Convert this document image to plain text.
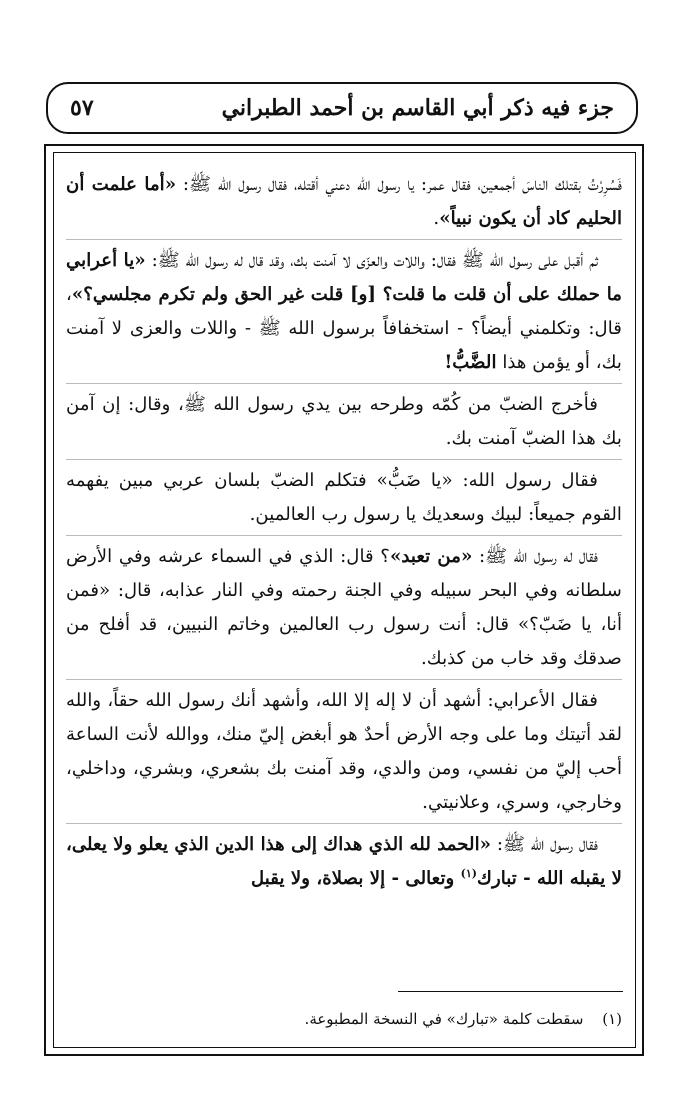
جزء فيه ذكر أبي القاسم بن أحمد الطبراني
٥٧

فَسُرِرْتُ بقتلك الناسَ أجمعين، فقال عمر: يا رسول الله دعني أقتله، فقال رسول الله ﷺ: «أما علمت أن الحليم كاد أن يكون نبياً».

ثم أقبل على رسول الله ﷺ فقال: واللات والعزّى لا آمنت بك، وقد قال له رسول الله ﷺ: «يا أعرابي ما حملك على أن قلت ما قلت؟ [و] قلت غير الحق ولم تكرم مجلسي؟»، قال: وتكلمني أيضاً؟ - استخفافاً برسول الله ﷺ - واللات والعزى لا آمنت بك، أو يؤمن هذا الضَّبُّ!

فأخرج الضبّ من كُمّه وطرحه بين يدي رسول الله ﷺ، وقال: إن آمن بك هذا الضبّ آمنت بك.

فقال رسول الله: «يا ضَبُّ» فتكلم الضبّ بلسان عربي مبين يفهمه القوم جميعاً: لبيك وسعديك يا رسول رب العالمين.

فقال له رسول الله ﷺ: «من تعبد»؟ قال: الذي في السماء عرشه وفي الأرض سلطانه وفي البحر سبيله وفي الجنة رحمته وفي النار عذابه، قال: «فمن أنا، يا ضَبّ؟» قال: أنت رسول رب العالمين وخاتم النبيين، قد أفلح من صدقك وقد خاب من كذبك.

فقال الأعرابي: أشهد أن لا إله إلا الله، وأشهد أنك رسول الله حقاً، والله لقد أتيتك وما على وجه الأرض أحدٌ هو أبغض إليّ منك، ووالله لأنت الساعة أحب إليّ من نفسي، ومن والدي، وقد آمنت بك بشعري، وبشري، وداخلي، وخارجي، وسري، وعلانيتي.

فقال رسول الله ﷺ: «الحمد لله الذي هداك إلى هذا الدين الذي يعلو ولا يعلى، لا يقبله الله - تبارك$^{(١)}$ وتعالى - إلا بصلاة، ولا يقبل

(١) سقطت كلمة «تبارك» في النسخة المطبوعة.
